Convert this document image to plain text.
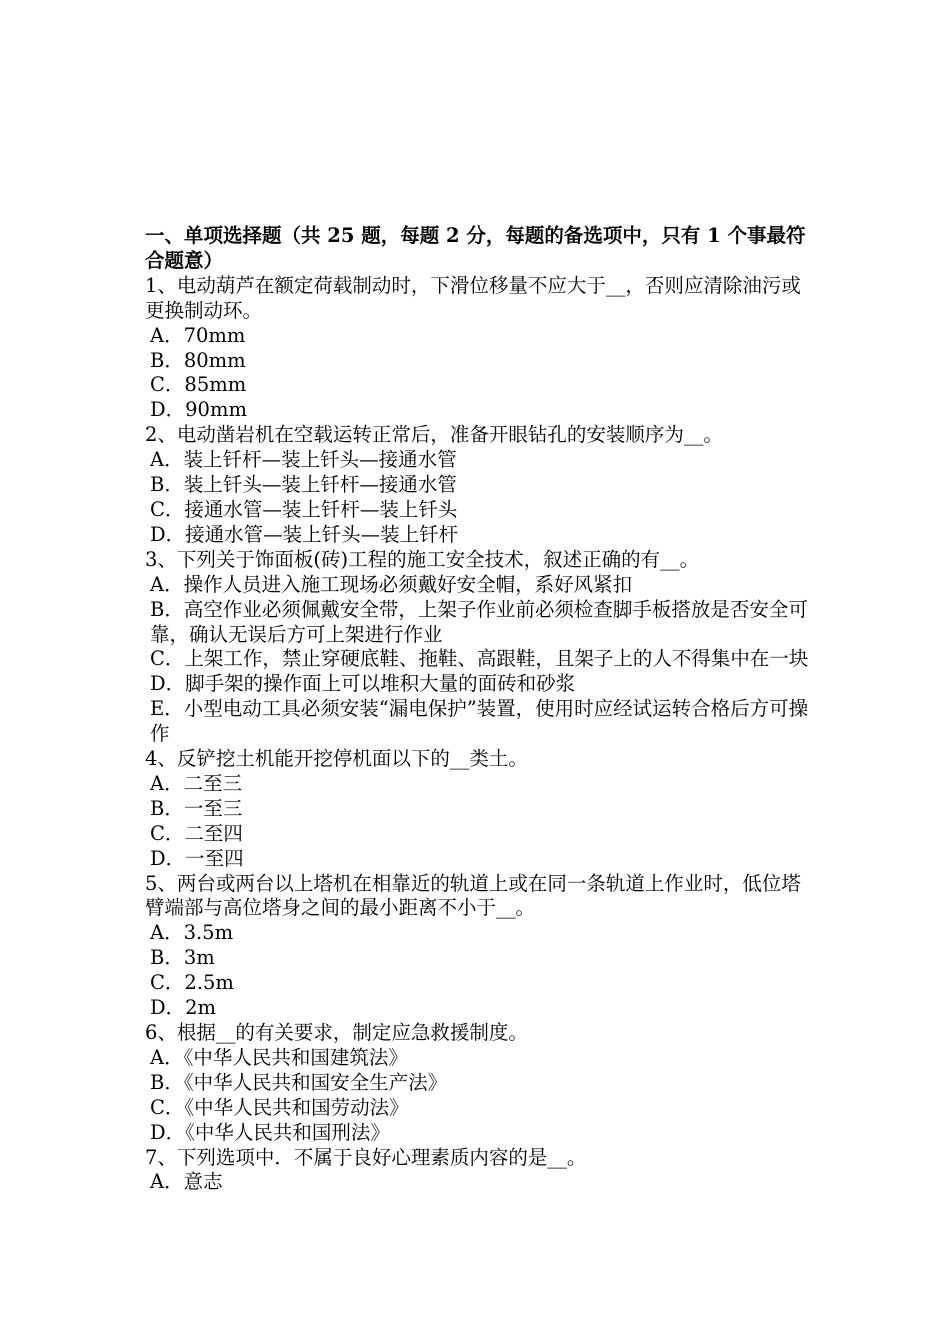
一、单项选择题（共 25 题，每题 2 分，每题的备选项中，只有 1 个事最符合题意）
1、电动葫芦在额定荷载制动时，下滑位移量不应大于__，否则应清除油污或更换制动环。
A．70mm
B．80mm
C．85mm
D．90mm
2、电动凿岩机在空载运转正常后，准备开眼钻孔的安装顺序为__。
A．装上钎杆—装上钎头—接通水管
B．装上钎头—装上钎杆—接通水管
C．接通水管—装上钎杆—装上钎头
D．接通水管—装上钎头—装上钎杆
3、下列关于饰面板(砖)工程的施工安全技术，叙述正确的有__。
A．操作人员进入施工现场必须戴好安全帽，系好风紧扣
B．高空作业必须佩戴安全带，上架子作业前必须检查脚手板搭放是否安全可靠，确认无误后方可上架进行作业
C．上架工作，禁止穿硬底鞋、拖鞋、高跟鞋，且架子上的人不得集中在一块
D．脚手架的操作面上可以堆积大量的面砖和砂浆
E．小型电动工具必须安装“漏电保护”装置，使用时应经试运转合格后方可操作
4、反铲挖土机能开挖停机面以下的__类土。
A．二至三
B．一至三
C．二至四
D．一至四
5、两台或两台以上塔机在相靠近的轨道上或在同一条轨道上作业时，低位塔臂端部与高位塔身之间的最小距离不小于__。
A．3.5m
B．3m
C．2.5m
D．2m
6、根据__的有关要求，制定应急救援制度。
A．《中华人民共和国建筑法》
B．《中华人民共和国安全生产法》
C．《中华人民共和国劳动法》
D．《中华人民共和国刑法》
7、下列选项中．不属于良好心理素质内容的是__。
A．意志
